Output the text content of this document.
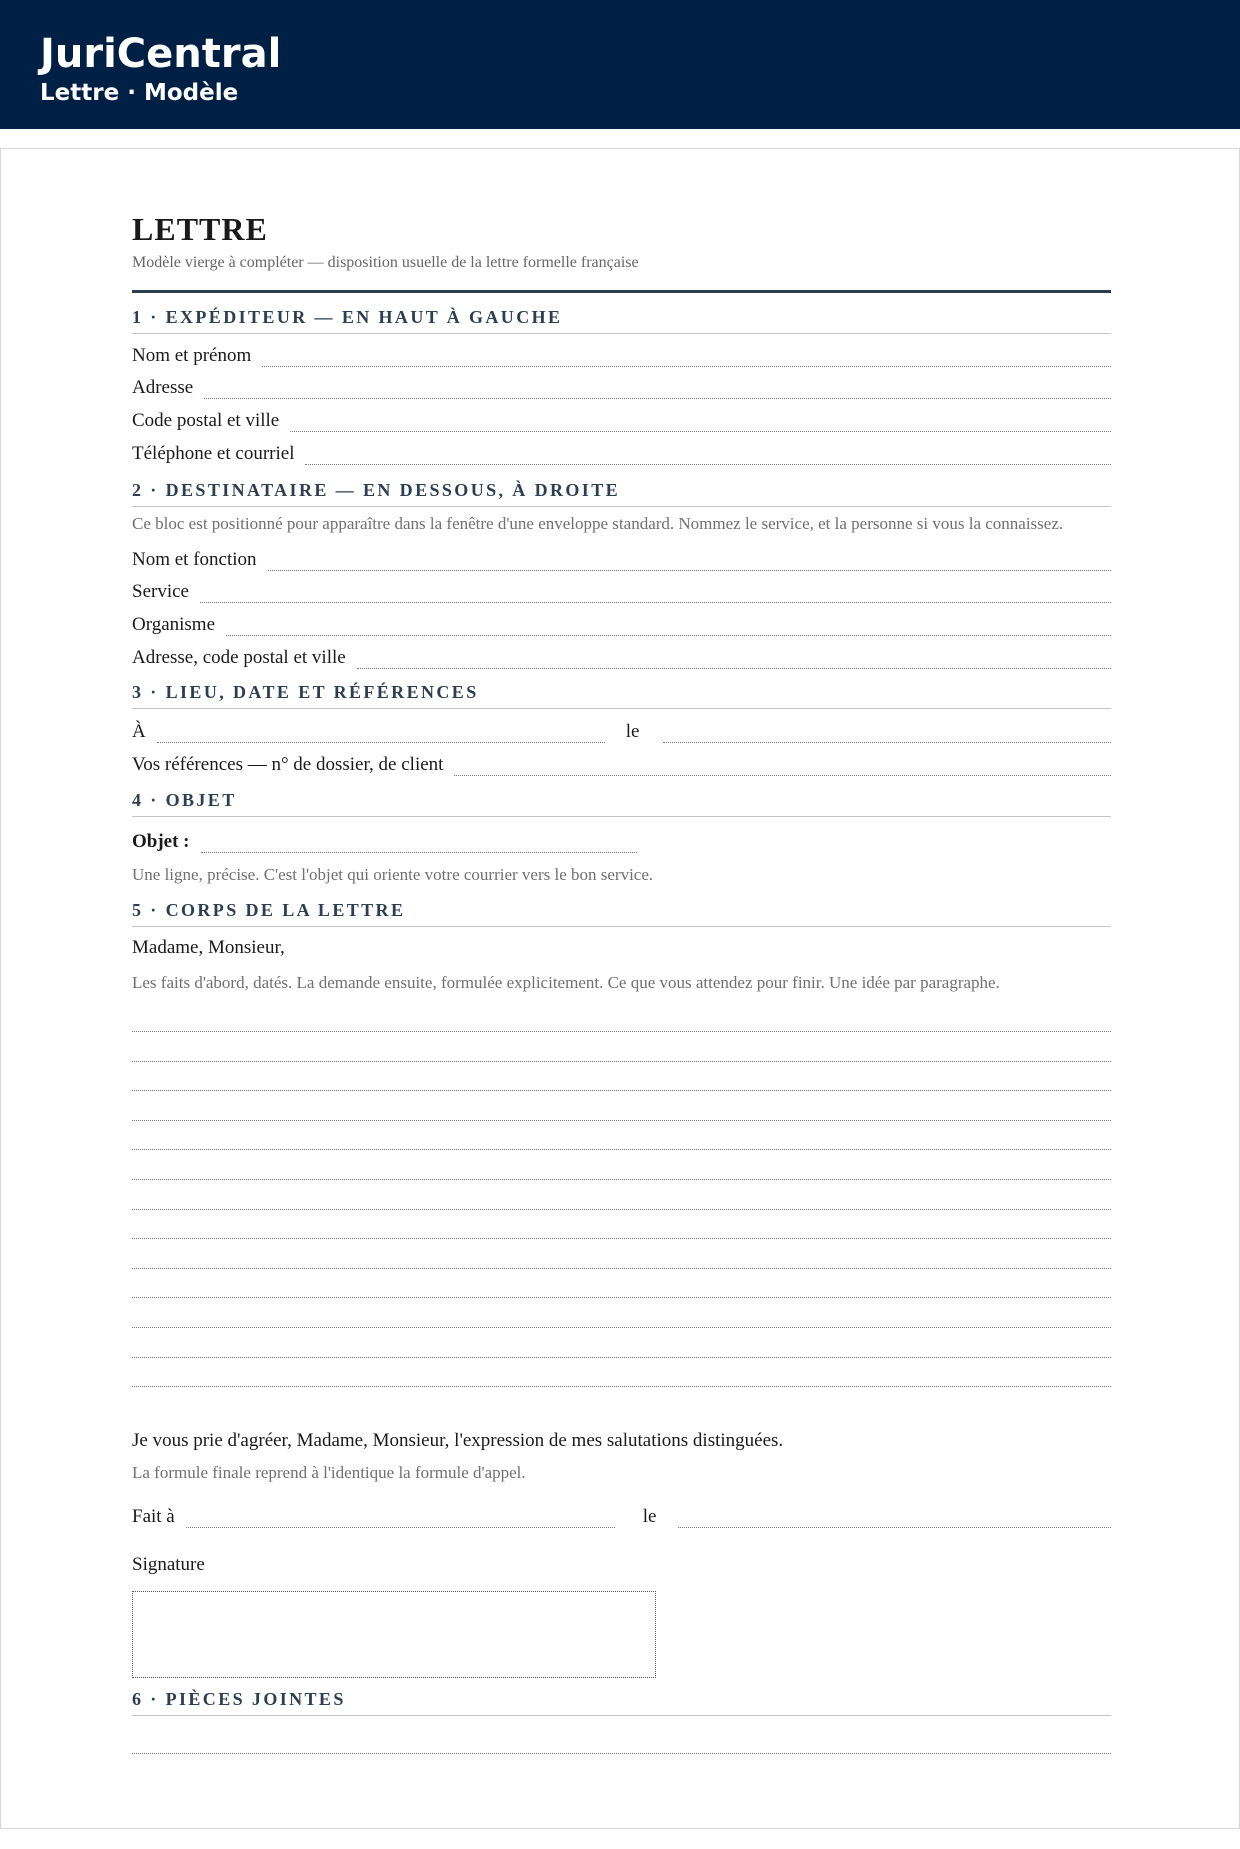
JuriCentral
Lettre · Modèle
LETTRE
Modèle vierge à compléter — disposition usuelle de la lettre formelle française
1 · EXPÉDITEUR — EN HAUT À GAUCHE
Nom et prénom
Adresse
Code postal et ville
Téléphone et courriel
2 · DESTINATAIRE — EN DESSOUS, À DROITE
Ce bloc est positionné pour apparaître dans la fenêtre d'une enveloppe standard. Nommez le service, et la personne si vous la connaissez.
Nom et fonction
Service
Organisme
Adresse, code postal et ville
3 · LIEU, DATE ET RÉFÉRENCES
À	le
Vos références — n° de dossier, de client
4 · OBJET
Objet :
Une ligne, précise. C'est l'objet qui oriente votre courrier vers le bon service.
5 · CORPS DE LA LETTRE
Madame, Monsieur,
Les faits d'abord, datés. La demande ensuite, formulée explicitement. Ce que vous attendez pour finir. Une idée par paragraphe.
Je vous prie d'agréer, Madame, Monsieur, l'expression de mes salutations distinguées.
La formule finale reprend à l'identique la formule d'appel.
Fait à	le
Signature
6 · PIÈCES JOINTES
